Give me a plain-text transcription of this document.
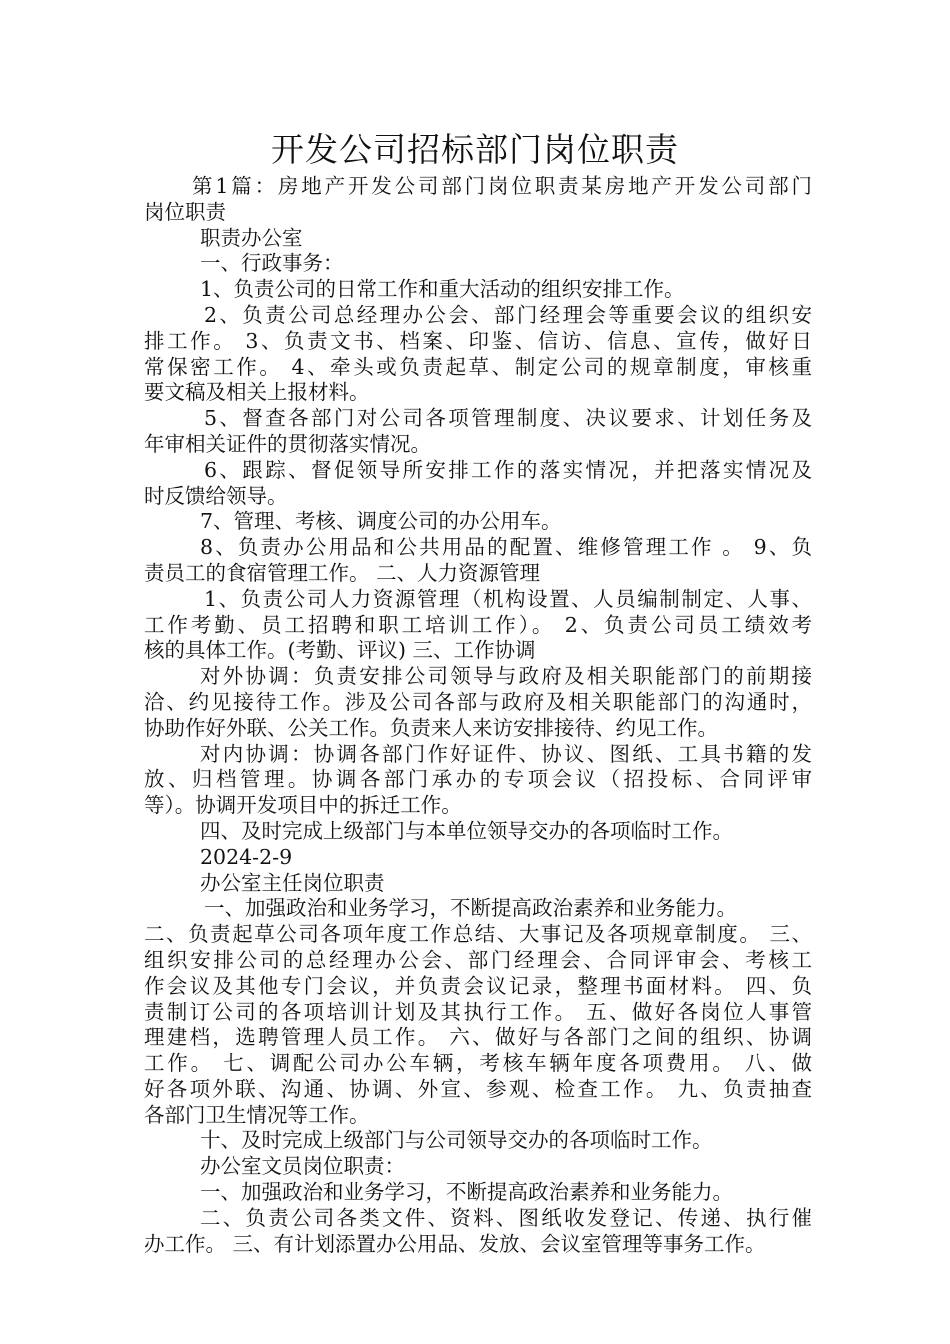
开发公司招标部门岗位职责

第1篇：房地产开发公司部门岗位职责某房地产开发公司部门

岗位职责

职责办公室

一、行政事务：

1、负责公司的日常工作和重大活动的组织安排工作。

2、负责公司总经理办公会、部门经理会等重要会议的组织安

排工作。 3、负责文书、档案、印鉴、信访、信息、宣传，做好日

常保密工作。 4、牵头或负责起草、制定公司的规章制度，审核重

要文稿及相关上报材料。

5、督查各部门对公司各项管理制度、决议要求、计划任务及

年审相关证件的贯彻落实情况。

6、跟踪、督促领导所安排工作的落实情况，并把落实情况及

时反馈给领导。

7、管理、考核、调度公司的办公用车。

8、负责办公用品和公共用品的配置、维修管理工作 。 9、负

责员工的食宿管理工作。 二、人力资源管理

1、负责公司人力资源管理（机构设置、人员编制制定、人事、

工作考勤、员工招聘和职工培训工作）。 2、负责公司员工绩效考

核的具体工作。(考勤、评议) 三、工作协调

对外协调：负责安排公司领导与政府及相关职能部门的前期接

洽、约见接待工作。涉及公司各部与政府及相关职能部门的沟通时，

协助作好外联、公关工作。负责来人来访安排接待、约见工作。

对内协调：协调各部门作好证件、协议、图纸、工具书籍的发

放、归档管理。协调各部门承办的专项会议（招投标、合同评审

等）。协调开发项目中的拆迁工作。

四、及时完成上级部门与本单位领导交办的各项临时工作。

2024-2-9

办公室主任岗位职责

一、加强政治和业务学习，不断提高政治素养和业务能力。

二、负责起草公司各项年度工作总结、大事记及各项规章制度。 三、

组织安排公司的总经理办公会、部门经理会、合同评审会、考核工

作会议及其他专门会议，并负责会议记录，整理书面材料。 四、负

责制订公司的各项培训计划及其执行工作。 五、做好各岗位人事管

理建档，选聘管理人员工作。 六、做好与各部门之间的组织、协调

工作。 七、调配公司办公车辆，考核车辆年度各项费用。 八、做

好各项外联、沟通、协调、外宣、参观、检查工作。 九、负责抽查

各部门卫生情况等工作。

十、及时完成上级部门与公司领导交办的各项临时工作。

办公室文员岗位职责：

一、加强政治和业务学习，不断提高政治素养和业务能力。

二、负责公司各类文件、资料、图纸收发登记、传递、执行催

办工作。 三、有计划添置办公用品、发放、会议室管理等事务工作。
